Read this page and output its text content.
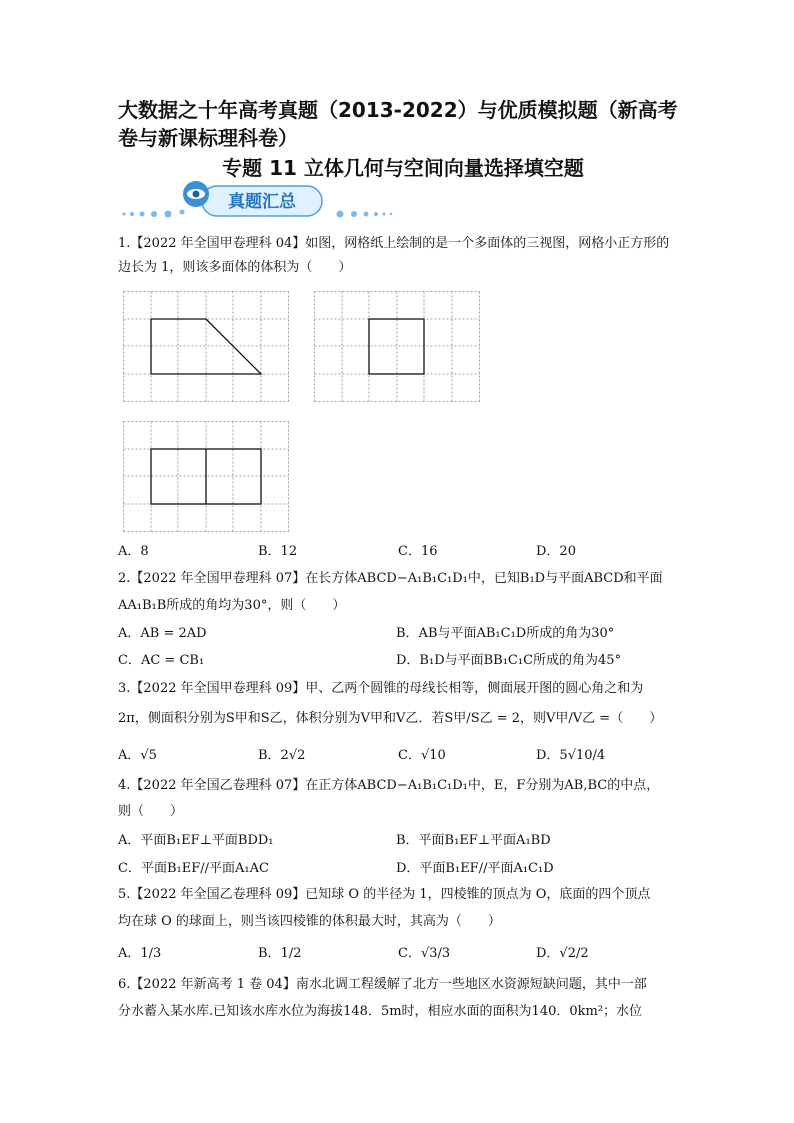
大数据之十年高考真题（2013-2022）与优质模拟题（新高考卷与新课标理科卷）
专题 11 立体几何与空间向量选择填空题
真题汇总
1.【2022 年全国甲卷理科 04】如图，网格纸上绘制的是一个多面体的三视图，网格小正方形的边长为 1，则该多面体的体积为（　　）
A．8	B．12	C．16	D．20
2.【2022 年全国甲卷理科 07】在长方体ABCD−A₁B₁C₁D₁中，已知B₁D与平面ABCD和平面
AA₁B₁B所成的角均为30°，则（　　）
A．AB = 2AD	B．AB与平面AB₁C₁D所成的角为30°
C．AC = CB₁	D．B₁D与平面BB₁C₁C所成的角为45°
3.【2022 年全国甲卷理科 09】甲、乙两个圆锥的母线长相等，侧面展开图的圆心角之和为
2π，侧面积分别为S甲和S乙，体积分别为V甲和V乙．若S甲/S乙 = 2，则V甲/V乙 =（　　）
A．√5	B．2√2	C．√10	D．5√10/4
4.【2022 年全国乙卷理科 07】在正方体ABCD−A₁B₁C₁D₁中，E，F分别为AB,BC的中点，
则（　　）
A．平面B₁EF⊥平面BDD₁	B．平面B₁EF⊥平面A₁BD
C．平面B₁EF//平面A₁AC	D．平面B₁EF//平面A₁C₁D
5.【2022 年全国乙卷理科 09】已知球 O 的半径为 1，四棱锥的顶点为 O，底面的四个顶点
均在球 O 的球面上，则当该四棱锥的体积最大时，其高为（　　）
A．1/3	B．1/2	C．√3/3	D．√2/2
6.【2022 年新高考 1 卷 04】南水北调工程缓解了北方一些地区水资源短缺问题，其中一部
分水蓄入某水库.已知该水库水位为海拔148．5m时，相应水面的面积为140．0km²；水位
